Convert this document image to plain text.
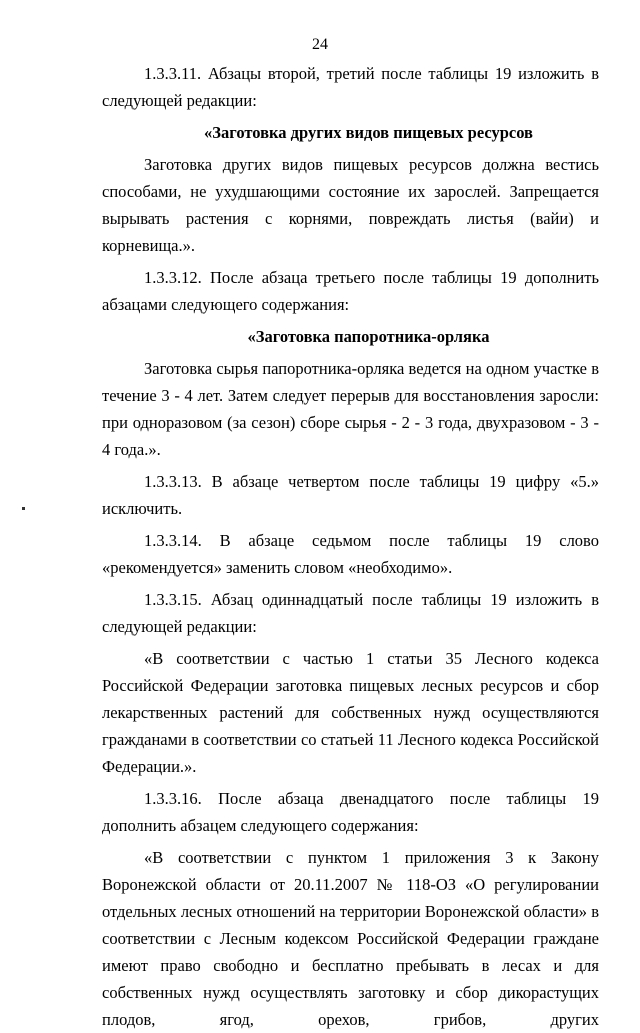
24

1.3.3.11. Абзацы второй, третий после таблицы 19 изложить в следующей редакции:

«Заготовка других видов пищевых ресурсов

Заготовка других видов пищевых ресурсов должна вестись способами, не ухудшающими состояние их зарослей. Запрещается вырывать растения с корнями, повреждать листья (вайи) и корневища.».

1.3.3.12. После абзаца третьего после таблицы 19 дополнить абзацами следующего содержания:

«Заготовка папоротника-орляка

Заготовка сырья папоротника-орляка ведется на одном участке в течение 3 - 4 лет. Затем следует перерыв для восстановления заросли: при одноразовом (за сезон) сборе сырья - 2 - 3 года, двухразовом - 3 - 4 года.».

1.3.3.13. В абзаце четвертом после таблицы 19 цифру «5.» исключить.

1.3.3.14. В абзаце седьмом после таблицы 19 слово «рекомендуется» заменить словом «необходимо».

1.3.3.15. Абзац одиннадцатый после таблицы 19 изложить в следующей редакции:

«В соответствии с частью 1 статьи 35 Лесного кодекса Российской Федерации заготовка пищевых лесных ресурсов и сбор лекарственных растений для собственных нужд осуществляются гражданами в соответствии со статьей 11 Лесного кодекса Российской Федерации.».

1.3.3.16. После абзаца двенадцатого после таблицы 19 дополнить абзацем следующего содержания:

«В соответствии с пунктом 1 приложения 3 к Закону Воронежской области от 20.11.2007 № 118-ОЗ «О регулировании отдельных лесных отношений на территории Воронежской области» в соответствии с Лесным кодексом Российской Федерации граждане имеют право свободно и бесплатно пребывать в лесах и для собственных нужд осуществлять заготовку и сбор дикорастущих плодов, ягод, орехов, грибов, других
